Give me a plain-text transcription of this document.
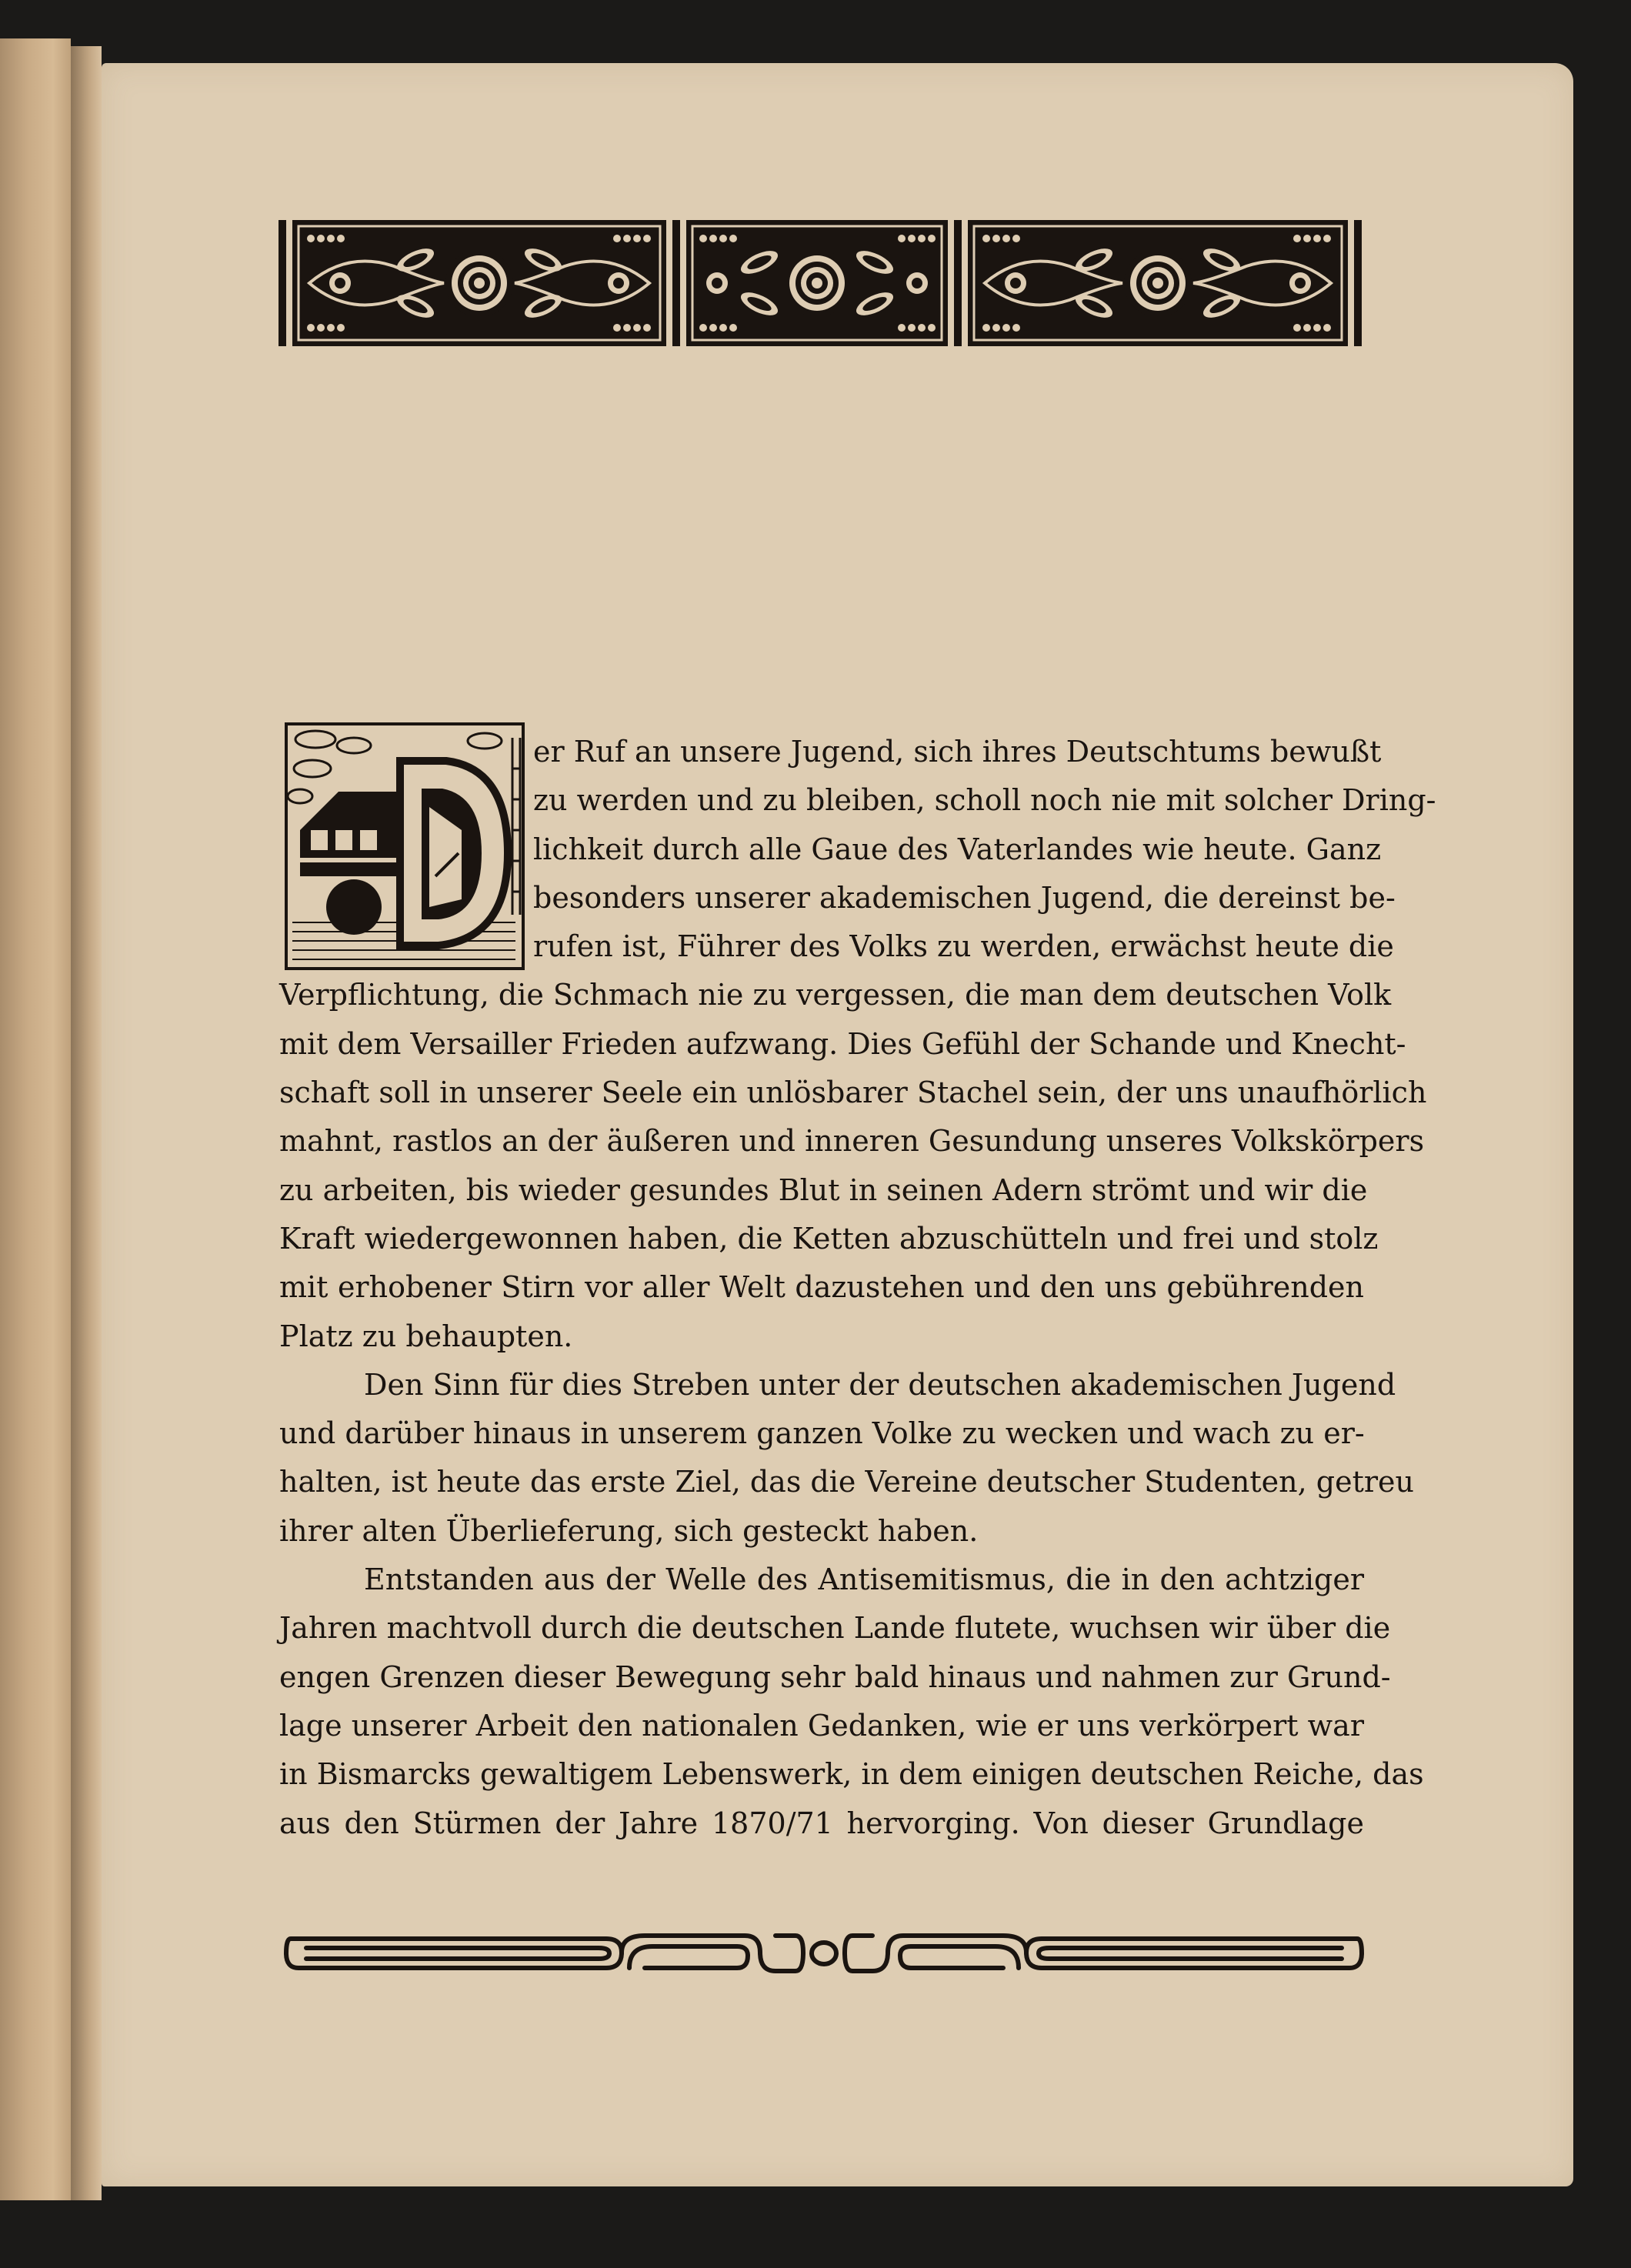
er Ruf an unsere Jugend, sich ihres Deutschtums bewußt
zu werden und zu bleiben, scholl noch nie mit solcher Dring-
lichkeit durch alle Gaue des Vaterlandes wie heute. Ganz
besonders unserer akademischen Jugend, die dereinst be-
rufen ist, Führer des Volks zu werden, erwächst heute die
Verpflichtung, die Schmach nie zu vergessen, die man dem deutschen Volk
mit dem Versailler Frieden aufzwang. Dies Gefühl der Schande und Knecht-
schaft soll in unserer Seele ein unlösbarer Stachel sein, der uns unaufhörlich
mahnt, rastlos an der äußeren und inneren Gesundung unseres Volkskörpers
zu arbeiten, bis wieder gesundes Blut in seinen Adern strömt und wir die
Kraft wiedergewonnen haben, die Ketten abzuschütteln und frei und stolz
mit erhobener Stirn vor aller Welt dazustehen und den uns gebührenden
Platz zu behaupten.
Den Sinn für dies Streben unter der deutschen akademischen Jugend
und darüber hinaus in unserem ganzen Volke zu wecken und wach zu er-
halten, ist heute das erste Ziel, das die Vereine deutscher Studenten, getreu
ihrer alten Überlieferung, sich gesteckt haben.
Entstanden aus der Welle des Antisemitismus, die in den achtziger
Jahren machtvoll durch die deutschen Lande flutete, wuchsen wir über die
engen Grenzen dieser Bewegung sehr bald hinaus und nahmen zur Grund-
lage unserer Arbeit den nationalen Gedanken, wie er uns verkörpert war
in Bismarcks gewaltigem Lebenswerk, in dem einigen deutschen Reiche, das
aus den Stürmen der Jahre 1870/71 hervorging. Von dieser Grundlage
